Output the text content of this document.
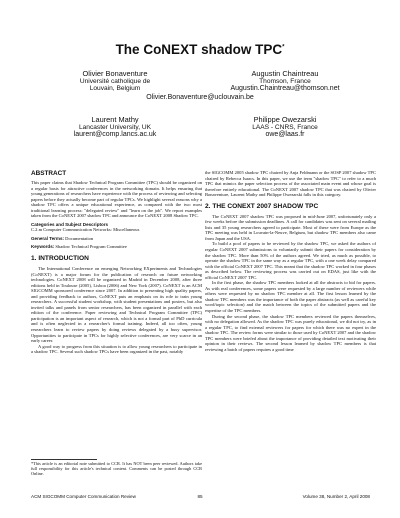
The CoNEXT shadow TPC*
Olivier Bonaventure
Université catholique de
Louvain, Belgium
Augustin Chaintreau
Thomson, France
Augustin.Chaintreau@thomson.net
Olivier.Bonaventure@uclouvain.be
Laurent Mathy
Lancaster University, UK
laurent@comp.lancs.ac.uk
Philippe Owezarski
LAAS - CNRS, France
owe@laas.fr
ABSTRACT

This paper claims that Shadow Technical Program Committee (TPC) should be organized on a regular basis for attractive conferences in the networking domain. It helps ensuring that young generations of researchers have experience with the process of reviewing and selecting papers before they actually become part of regular TPCs. We highlight several reasons why a shadow TPC offers a unique educational experience, as compared with the two most traditional learning process: "delegated review" and "learn on the job". We report examples taken from the CoNEXT 2007 shadow TPC and announce the CoNEXT 2008 Shadow TPC.

Categories and Subject Descriptors
C.2.m Computer Communication Networks: Miscellaneous

General Terms: Documentation

Keywords: Shadow Technical Program Committee

1. INTRODUCTION

The International Conference on emerging Networking EXperiments and Technologies (CoNEXT) is a major forum for the publication of research on future networking technologies. CoNEXT 2008 will be organized in Madrid in December 2008, after three editions held in Toulouse (2005), Lisboa (2006) and New York (2007). CoNEXT is an ACM SIGCOMM sponsored conference since 2007. In addition to presenting high quality papers, and providing feedback to authors, CoNEXT puts an emphasis on its role to train young researchers. A successful student workshop, with student presentations and posters, but also invited talks and panels from senior researchers, has been organized in parallel with each edition of the conference. Paper reviewing and Technical Program Committee (TPC) participation is an important aspect of research, which is not a formal part of PhD curricula and is often neglected in a researcher's formal training. Indeed, all too often, young researchers learn to review papers by doing reviews delegated by a busy supervisor. Opportunities to participate in TPCs for highly selective conferences, are very scarce in an early career.

A good way to progress from this situation is to allow young researchers to participate in a shadow TPC. Several such shadow TPCs have been organized in the past, notably

*This article is an editorial note submitted to CCR. It has NOT been peer reviewed. Authors take full responsibility for this article's technical content. Comments can be posted through CCR Online.

the SIGCOMM 2005 shadow TPC chaired by Anja Feldmann or the SOSP 2007 shadow TPC chaired by Rebecca Isaacs. In this paper, we use the term "shadow TPC" to refer to a much TPC that mimics the paper selection process of the associated main event and whose goal is therefore entirely educational. The CoNEXT 2007 shadow TPC that was chaired by Olivier Bonaventure, Laurent Mathy and Philippe Owezarski falls in this category.

2. THE CONEXT 2007 SHADOW TPC

The CoNEXT 2007 shadow TPC was proposed in mid-June 2007, unfortunately only a few weeks before the submission deadlines. A call for candidates was sent on several mailing lists and 35 young researchers agreed to participate. Most of these were from Europe as the TPC meeting was held in Louvain-la-Neuve, Belgium, but shadow TPC members also came from Japan and the USA.

To build a pool of papers to be reviewed by the shadow TPC, we asked the authors of regular CoNEXT 2007 submissions to voluntarily submit their papers for consideration by the shadow TPC. More than 50% of the authors agreed. We tried, as much as possible, to operate the shadow TPC in the same way as a regular TPC, with a one week delay compared with the official CoNEXT 2007 TPC. This meant that the shadow TPC worked in four phases as described below. The reviewing process was carried out on EDAS, just like with the official CoNEXT 2007 TPC.

In the first phase, the shadow TPC members looked at all the abstracts to bid for papers. As with real conferences, some papers were requested by a large number of reviewers while others were requested by no shadow TPC member at all. The first lesson learned by the shadow TPC members was the importance of both the paper abstracts (as well as careful key word/topic selection) and the match between the topics of the submitted papers and the expertise of the TPC members.

During the second phase, the shadow TPC members reviewed the papers themselves, with no delegation allowed. As the shadow TPC was purely educational, we did not try, as in a regular TPC, to find external reviewers for papers for which there was no expert in the shadow TPC. The review forms were similar to those used by CoNEXT 2007 and the shadow TPC members were briefed about the importance of providing detailed text motivating their opinion in their reviews. The second lesson learned by shadow TPC members is that reviewing a batch of papers requires a good time

ACM SIGCOMM Computer Communication Review	85	Volume 38, Number 2, April 2008
